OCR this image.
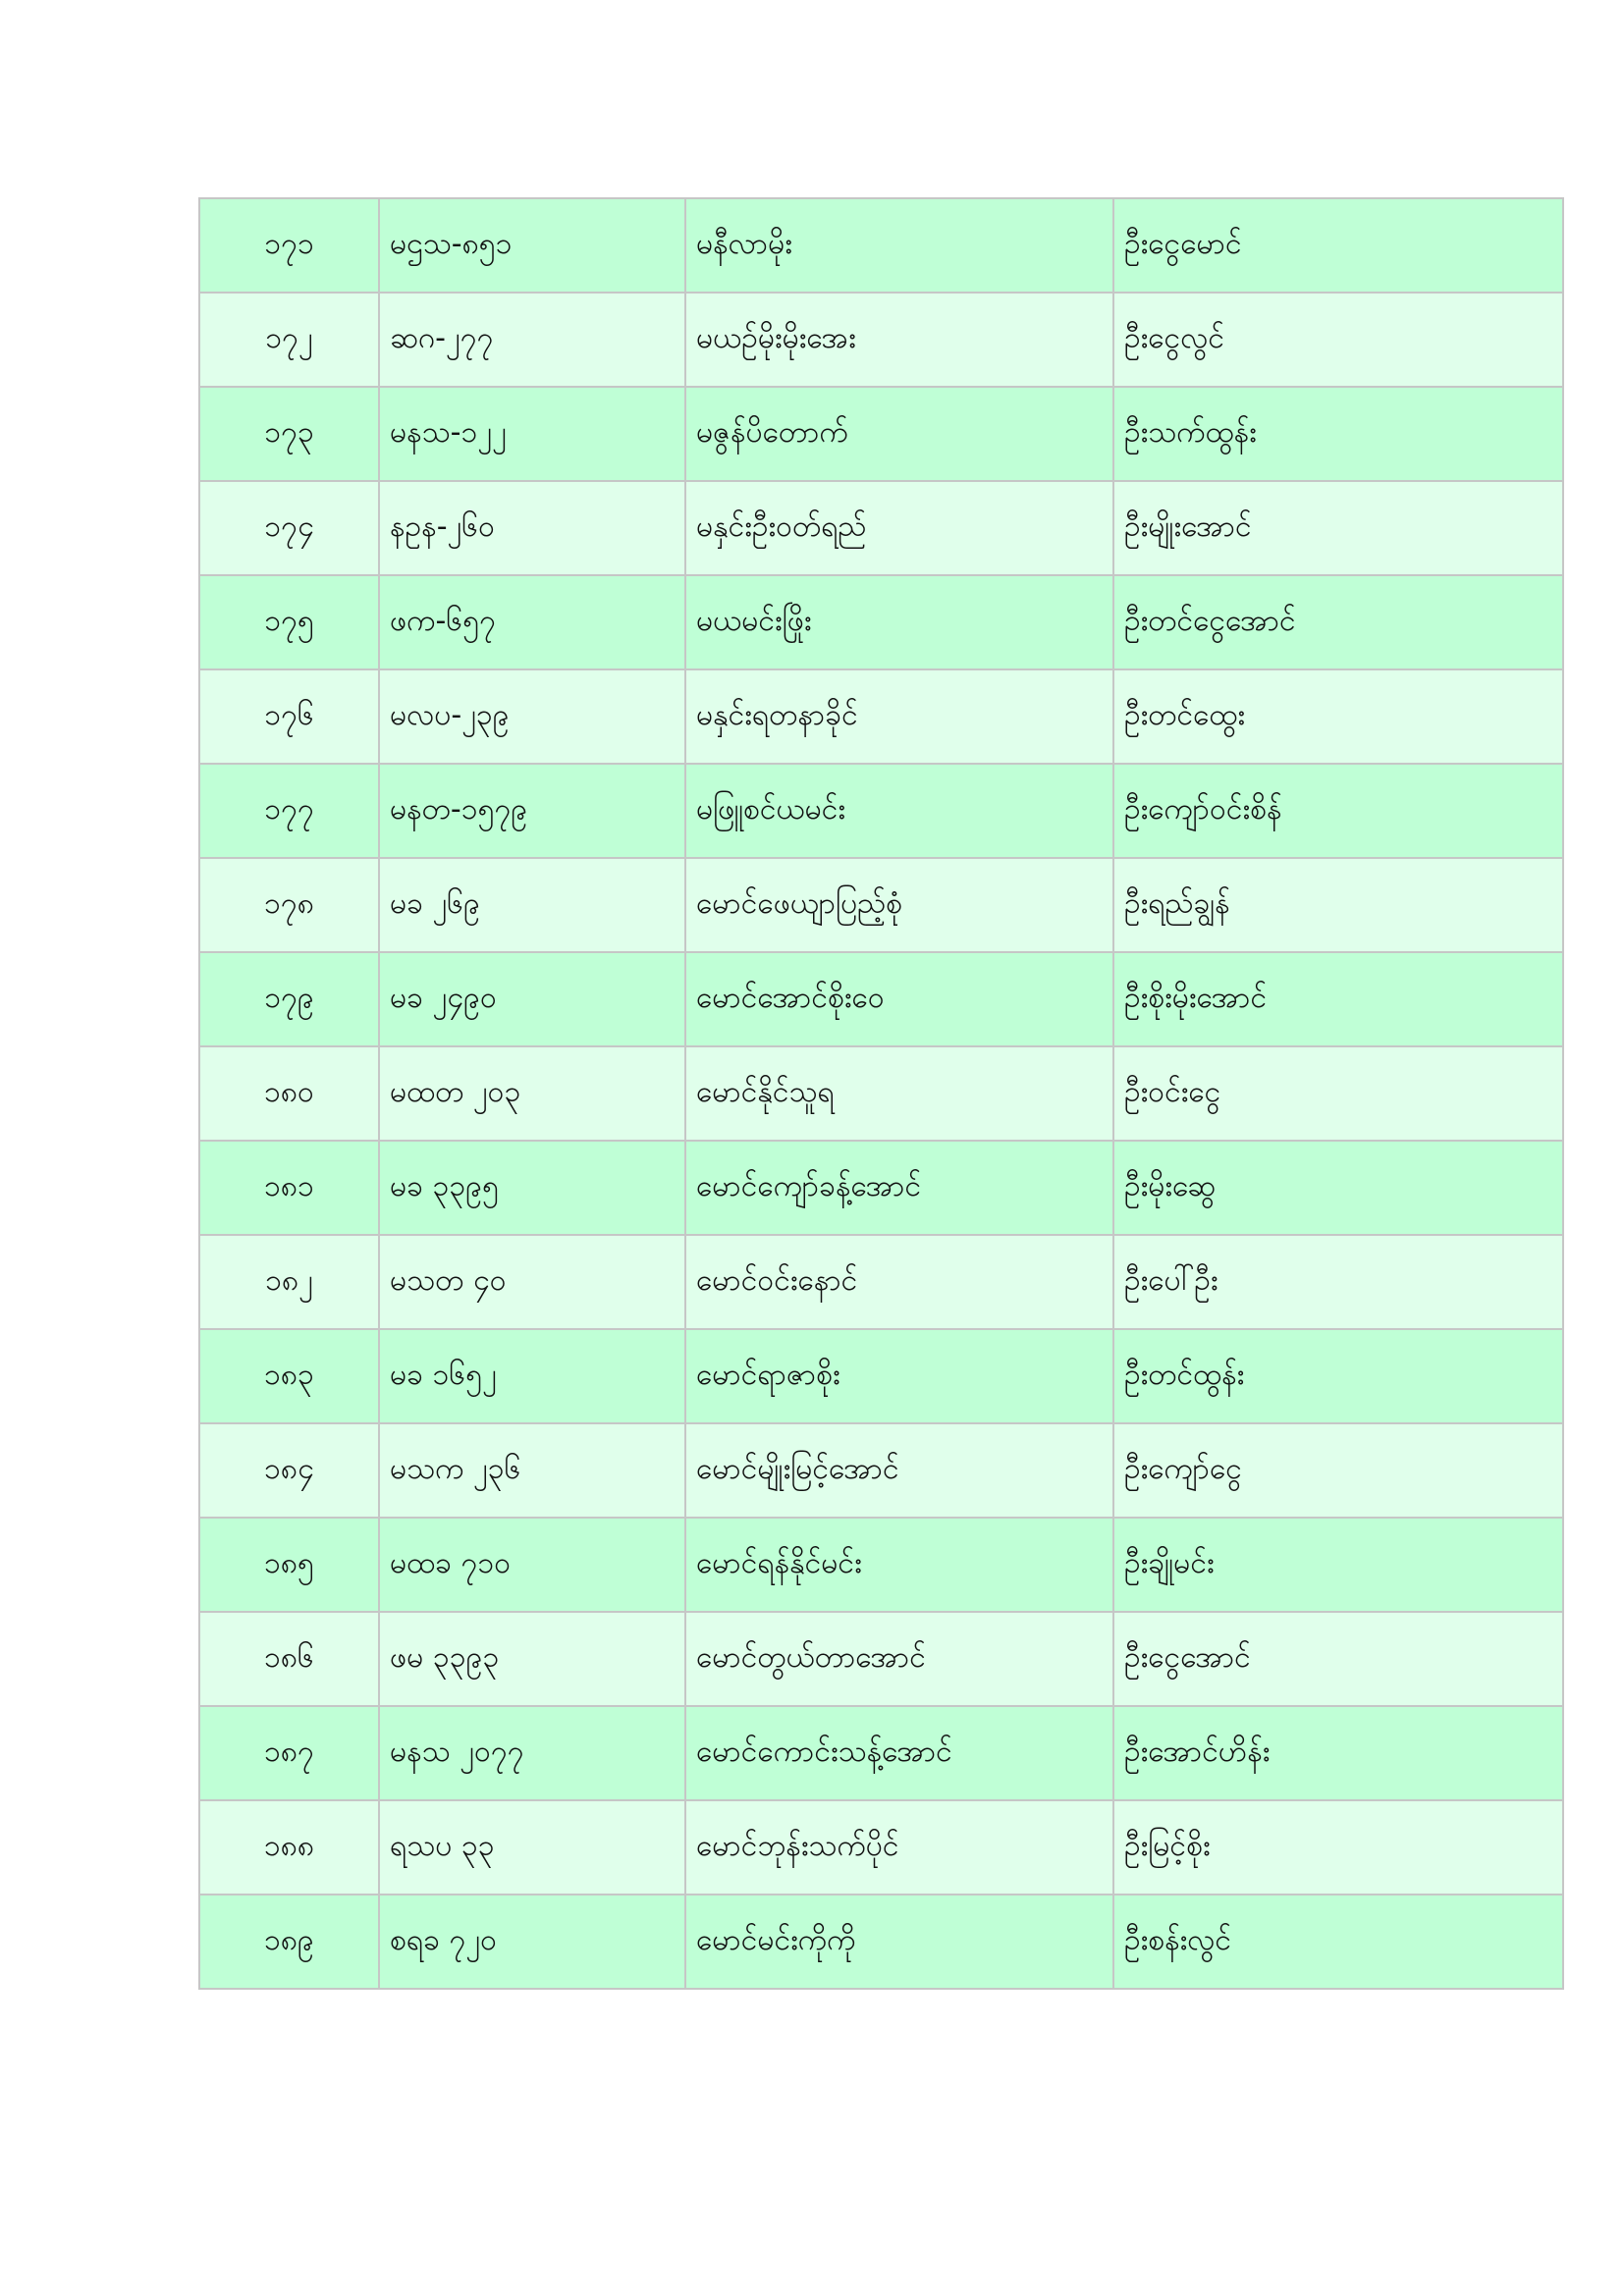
၁၇၁	မဌသ-၈၅၁	မနီလာမိုး	ဦးငွေမောင်
၁၇၂	ဆဂ-၂၇၇	မယဉ်မိုးမိုးအေး	ဦးငွေလွင်
၁၇၃	မနသ-၁၂၂	မဇွန်ပိတောက်	ဦးသက်ထွန်း
၁၇၄	နဥန-၂၆၀	မနှင်းဦးဝတ်ရည်	ဦးမျိုးအောင်
၁၇၅	ဖက-၆၅၇	မယမင်းဖြိုး	ဦးတင်ငွေအောင်
၁၇၆	မလပ-၂၃၉	မနှင်းရတနာခိုင်	ဦးတင်ထွေး
၁၇၇	မနတ-၁၅၇၉	မဖြူစင်ယမင်း	ဦးကျော်ဝင်းစိန်
၁၇၈	မခ ၂၆၉	မောင်ဖေယျာပြည့်စုံ	ဦးရည်ချွန်
၁၇၉	မခ ၂၄၉၀	မောင်အောင်စိုးဝေ	ဦးစိုးမိုးအောင်
၁၈၀	မထတ ၂၀၃	မောင်နိုင်သူရ	ဦးဝင်းငွေ
၁၈၁	မခ ၃၃၉၅	မောင်ကျော်ခန့်အောင်	ဦးမိုးဆွေ
၁၈၂	မသတ ၄၀	မောင်ဝင်းနောင်	ဦးပေါ်ဦး
၁၈၃	မခ ၁၆၅၂	မောင်ရာဇာစိုး	ဦးတင်ထွန်း
၁၈၄	မသက ၂၃၆	မောင်မျိုးမြင့်အောင်	ဦးကျော်ငွေ
၁၈၅	မထခ ၇၁၀	မောင်ရန်နိုင်မင်း	ဦးချိုမင်း
၁၈၆	ဖမ ၃၃၉၃	မောင်တွယ်တာအောင်	ဦးငွေအောင်
၁၈၇	မနသ ၂၀၇၇	မောင်ကောင်းသန့်အောင်	ဦးအောင်ဟိန်း
၁၈၈	ရသပ ၃၃	မောင်ဘုန်းသက်ပိုင်	ဦးမြင့်စိုး
၁၈၉	စရခ ၇၂၀	မောင်မင်းကိုကို	ဦးစန်းလွင်
